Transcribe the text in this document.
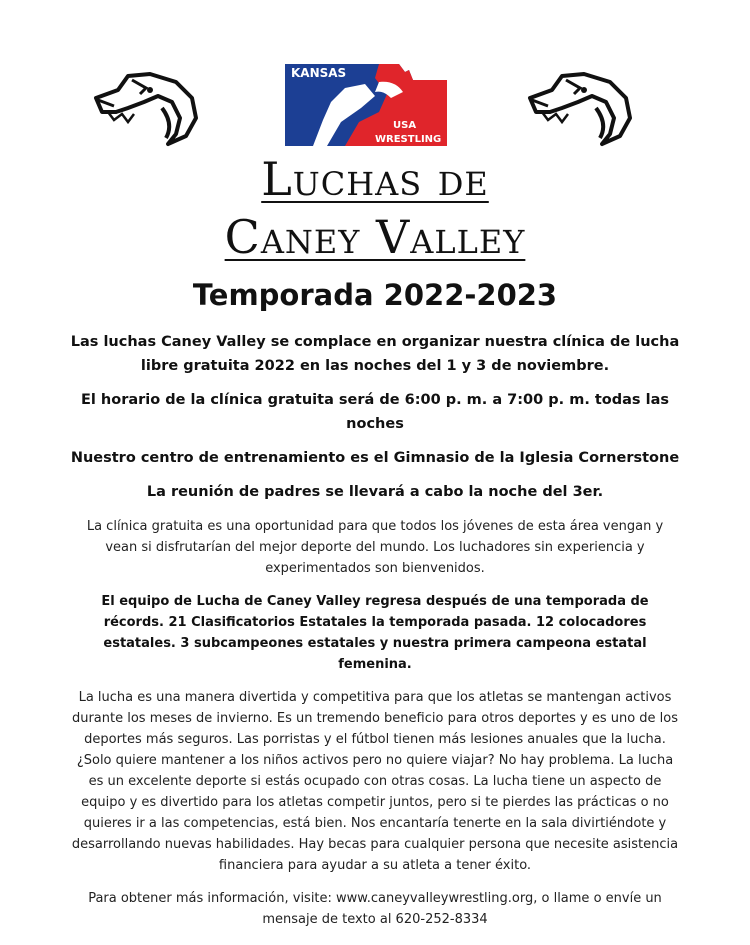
KANSAS
USA
WRESTLING
Luchas de
Caney Valley
Temporada 2022-2023

Las luchas Caney Valley se complace en organizar nuestra clínica de lucha libre gratuita 2022 en las noches del 1 y 3 de noviembre.

El horario de la clínica gratuita será de 6:00 p. m. a 7:00 p. m. todas las noches

Nuestro centro de entrenamiento es el Gimnasio de la Iglesia Cornerstone

La reunión de padres se llevará a cabo la noche del 3er.

La clínica gratuita es una oportunidad para que todos los jóvenes de esta área vengan y vean si disfrutarían del mejor deporte del mundo. Los luchadores sin experiencia y experimentados son bienvenidos.

El equipo de Lucha de Caney Valley regresa después de una temporada de récords. 21 Clasificatorios Estatales la temporada pasada. 12 colocadores estatales. 3 subcampeones estatales y nuestra primera campeona estatal femenina.

La lucha es una manera divertida y competitiva para que los atletas se mantengan activos durante los meses de invierno. Es un tremendo beneficio para otros deportes y es uno de los deportes más seguros. Las porristas y el fútbol tienen más lesiones anuales que la lucha. ¿Solo quiere mantener a los niños activos pero no quiere viajar? No hay problema. La lucha es un excelente deporte si estás ocupado con otras cosas. La lucha tiene un aspecto de equipo y es divertido para los atletas competir juntos, pero si te pierdes las prácticas o no quieres ir a las competencias, está bien. Nos encantaría tenerte en la sala divirtiéndote y desarrollando nuevas habilidades. Hay becas para cualquier persona que necesite asistencia financiera para ayudar a su atleta a tener éxito.

Para obtener más información, visite: www.caneyvalleywrestling.org, o llame o envíe un mensaje de texto al 620-252-8334
